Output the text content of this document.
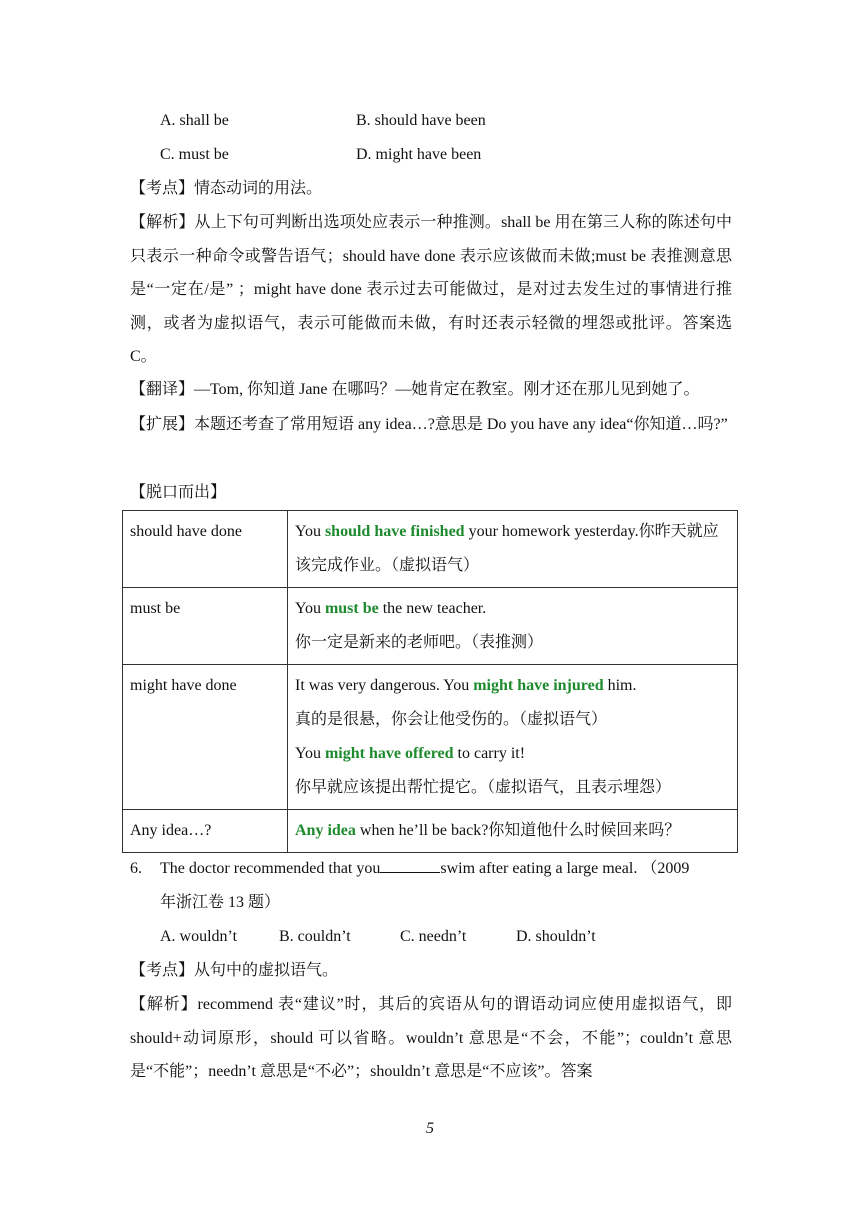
A. shall be	B. should have been
C. must be	D. might have been
【考点】情态动词的用法。
【解析】从上下句可判断出选项处应表示一种推测。shall be 用在第三人称的陈述句中只表示一种命令或警告语气；should have done 表示应该做而未做;must be 表推测意思是“一定在/是” ；might have done 表示过去可能做过，是对过去发生过的事情进行推测，或者为虚拟语气，表示可能做而未做，有时还表示轻微的埋怨或批评。答案选 C。
【翻译】—Tom, 你知道 Jane 在哪吗？—她肯定在教室。刚才还在那儿见到她了。
【扩展】本题还考查了常用短语 any idea…?意思是 Do you have any idea“你知道…吗?”
【脱口而出】
should have done	You should have finished your homework yesterday.你昨天就应该完成作业。（虚拟语气）
must be	You must be the new teacher.
你一定是新来的老师吧。（表推测）

might have done	It was very dangerous. You might have injured him.
真的是很悬，你会让他受伤的。（虚拟语气）
You might have offered to carry it!
你早就应该提出帮忙提它。（虚拟语气，且表示埋怨）

Any idea…?	Any idea when he’ll be back?你知道他什么时候回来吗？
6. The doctor recommended that you	swim after eating a large meal. （2009
年浙江卷 13 题）
A. wouldn’t	B. couldn’t	C. needn’t	D. shouldn’t
【考点】从句中的虚拟语气。
【解析】recommend 表“建议”时，其后的宾语从句的谓语动词应使用虚拟语气，即 should+动词原形，should 可以省略。wouldn’t 意思是“不会，不能”；couldn’t 意思是“不能”；needn’t 意思是“不必”；shouldn’t 意思是“不应该”。答案
5
